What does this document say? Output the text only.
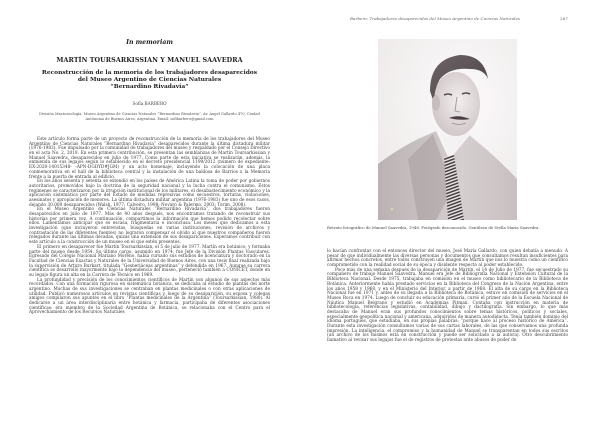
In memoriam
MARTÍN TOURSARKISSIAN Y MANUEL SAAVEDRA
Reconstrucción de la memoria de los trabajadores desaparecidos
del Museo Argentino de Ciencias Naturales
“Bernardino Rivadavia”
Sofía BARBERO
División Mastozoología, Museo Argentino de Ciencias Naturales “Bernardino Rivadavia”, Av. Ángel Gallardo 470, Ciudad Autónoma de Buenos Aires, Argentina. Email: sofibarbero@gmail.com

Este artículo forma parte de un proyecto de reconstrucción de la memoria de los trabajadores del Museo Argentino de Ciencias Naturales “Bernardino Rivadavia” desaparecidos durante la última dictadura militar (1976-1983). Fue impulsado por la comunidad de trabajadores del museo y respaldado por el Consejo Directivo en el acta No. 2, 2019. En esta primera contribución, se presentan las semblanzas de Martín Toursarkissian y Manuel Saavedra, desaparecidos en julio de 1977. Como parte de esta iniciativa se realizarán, además, la enmienda de sus legajos según lo establecido en el decreto presidencial 1199/2012 (número de expediente: EX-2020-14015348- -APN-DGDYD#JGM) y un acto homenaje, incluyendo la colocación de una placa conmemorativa en el hall de la biblioteca central y la instalación de una baldosa de Barrios x la Memoria frente a la puerta de entrada al edificio.

En los años sesenta y setenta se extendió en los países de América Latina la toma de poder por gobiernos autoritarios, promovidos bajo la doctrina de la seguridad nacional y la lucha contra el comunismo. Estos regímenes se caracterizaron por la irrupción institucional de los militares, el desabastecimiento económico y la aplicación sistemática por parte del Estado de medidas represivas como secuestros, torturas, violaciones, asesinatos y apropiación de menores. La última dictadura militar argentina (1976-1983) fue uno de esos casos, dejando 30.000 desaparecidos (Walsh, 1977; Calveiro, 1998; Novaro & Palermo, 2003; Torim, 2008).

En el Museo Argentino de Ciencias Naturales “Bernardino Rivadavia”, dos trabajadores fueron desaparecidos en julio de 1977. Más de 40 años después, nos encontramos tratando de reconstruir sus historias por primera vez. A continuación, compartimos la información que hemos podido recolectar sobre ellos. Lamentamos anticipar que es escasa, fragmentaria e inconclusa. Los meses que dedicamos a esta investigación (que incluyeron entrevistas, búsquedas en varias instituciones, revisión de archivos y contrastación de las diferentes fuentes) no lograron compensar el olvido al que nuestros compañeros fueron relegados durante las últimas décadas, quizás una extensión de sus desapariciones. Esperamos contribuir con este artículo a la construcción de un museo en el que estén presentes.

El primero en desaparecer fue Martín Toursarkissian, el 5 de julio de 1977. Martín era botánico, y formaba parte del museo desde 1954. Su último cargo, asumido en 1974, fue Jefe de la División Plantas Vasculares. Egresado del Colegio Nacional Mariano Moreno, había cursado sus estudios de licenciatura y doctorado en la Facultad de Ciencias Exactas y Naturales de la Universidad de Buenos Aires, con una tesis final realizada bajo la supervisión de Arturo Burkart, titulada “Gesneriáceas argentinas” y defendida en 1967. Aunque su carrera científica se desarrolló mayormente bajo la dependencia del museo, perteneció también a CONICET, donde en su legajo figura un alta en la Carrera de Técnico en 1969.

La profundidad y precisión de los conocimientos científicos de Martín son algunos de sus aspectos más recordados. Con una formación rigurosa en sistemática botánica, se dedicaba al estudio de plantas del norte argentino. Muchas de sus investigaciones se centraban en plantas medicinales o con otras aplicaciones de utilidad. Publicó numerosos artículos en revistas científicas y, luego de su desaparición, su esposa y colegas amigos compilaron sus apuntes en el libro “Plantas medicinales de la Argentina” (Toursarkissian, 1980). Al dedicarse a un área interdisciplinaria entre botánica y farmacia, participaba de diferentes asociaciones científicas: era miembro de la Sociedad Argentina de Botánica, se relacionaba con el Centro para el Aprovechamiento de los Recursos Naturales

Barbero: Trabajadores desaparecidos del Museo Argentino de Ciencias Naturales	267
Retrato fotográfico de Manuel Saavedra, 1948. Fotógrafo desconocido. Gentileza de Stella Maria Saavedra.

lo hacían confrontar con el entonces director del museo, José María Gallardo, con quien debatía a menudo. A pesar de que individualmente las diversas personas y documentos que consultamos resultan insuficientes para afirmar hechos concretos, entre todos construyen una imagen de Martín que nos lo muestra como un científico comprometido con la realidad social de su época y disidente respecto al poder establecido.

Poco más de una semana después de la desaparición de Martín, el 14 de Julio de 1977, fue secuestrado su compañero de trabajo Manuel Saavedra. Manuel era Jefe de Bibliografía Nacional y Extensión Cultural de la Biblioteca Nacional. Desde 1975, trabajaba en comisión en el museo como bibliotecario de la Biblioteca de Botánica. Anteriormente había prestado servicios en la Biblioteca del Congreso de la Nación Argentina, entre los años 1958 y 1968, y en el Ministerio del Interior, a partir de 1968. El alta de su cargo en la Biblioteca Nacional fue en 1971 y, antes de su llegada a la Biblioteca de Botánica, estuvo en comisión de servicios en el Museo Roca en 1974. Luego de concluir su educación primaria, cursó el primer año de la Escuela Nacional de Náutica Manuel Belgrano y estudió en Academias Pitman. Contaba con instrucción en materia de bibliotecología, referencias legislativas, contabilidad, dibujo y dactilografía. Sin embargo, lo que más destacaba de Manuel eran sus profundos conocimientos sobre temas históricos, políticos y sociales, especialmente geopolítica nacional y americana, adquiridos de manera autodidacta. Tenía también dominio del idioma portugués, que estudiaba, en sus propias palabras: “porque hace al proceso histórico de América”. Durante esta investigación consultamos varias de sus cartas laborales, de las que conservamos una profunda impresión. La inteligencia, el compromiso y la humanidad de Manuel se transparentan en todos sus escritos (un archivo de los mismos está en construcción y puede ser solicitado a la autora). Otro descubrimiento llamativo al revisar sus legajos fue el de registros de protestas ante abusos de poder de
